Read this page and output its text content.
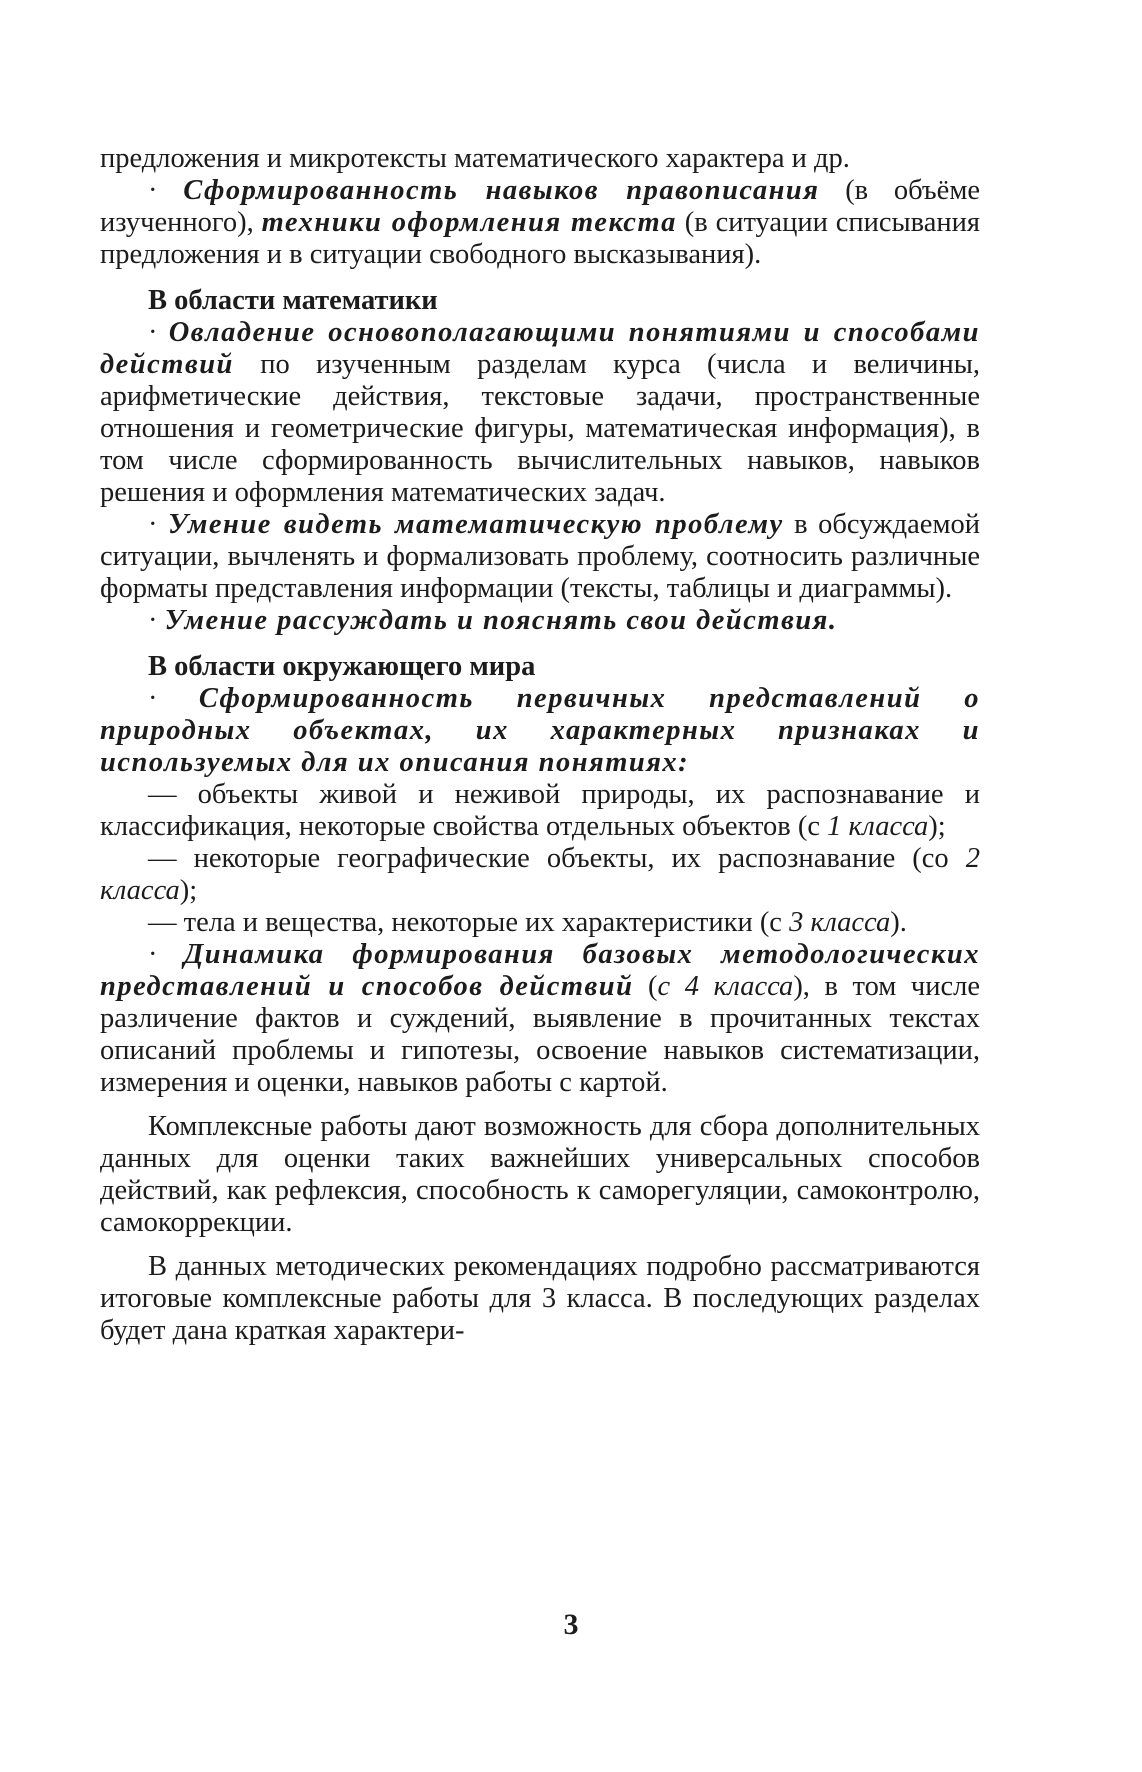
предложения и микротексты математического характера и др.

· Сформированность навыков правописания (в объёме изученного), техники оформления текста (в ситуации списывания предложения и в ситуации свободного высказывания).

В области математики

· Овладение основополагающими понятиями и способами действий по изученным разделам курса (числа и величины, арифметические действия, текстовые задачи, пространственные отношения и геометрические фигуры, математическая информация), в том числе сформированность вычислительных навыков, навыков решения и оформления математических задач.

· Умение видеть математическую проблему в обсуждаемой ситуации, вычленять и формализовать проблему, соотносить различные форматы представления информации (тексты, таблицы и диаграммы).

· Умение рассуждать и пояснять свои действия.

В области окружающего мира

· Сформированность первичных представлений о природных объектах, их характерных признаках и используемых для их описания понятиях:

— объекты живой и неживой природы, их распознавание и классификация, некоторые свойства отдельных объектов (с 1 класса);

— некоторые географические объекты, их распознавание (со 2 класса);

— тела и вещества, некоторые их характеристики (с 3 класса).

· Динамика формирования базовых методологических представлений и способов действий (с 4 класса), в том числе различение фактов и суждений, выявление в прочитанных текстах описаний проблемы и гипотезы, освоение навыков систематизации, измерения и оценки, навыков работы с картой.

Комплексные работы дают возможность для сбора дополнительных данных для оценки таких важнейших универсальных способов действий, как рефлексия, способность к саморегуляции, самоконтролю, самокоррекции.

В данных методических рекомендациях подробно рассматриваются итоговые комплексные работы для 3 класса. В последующих разделах будет дана краткая характери-

3
